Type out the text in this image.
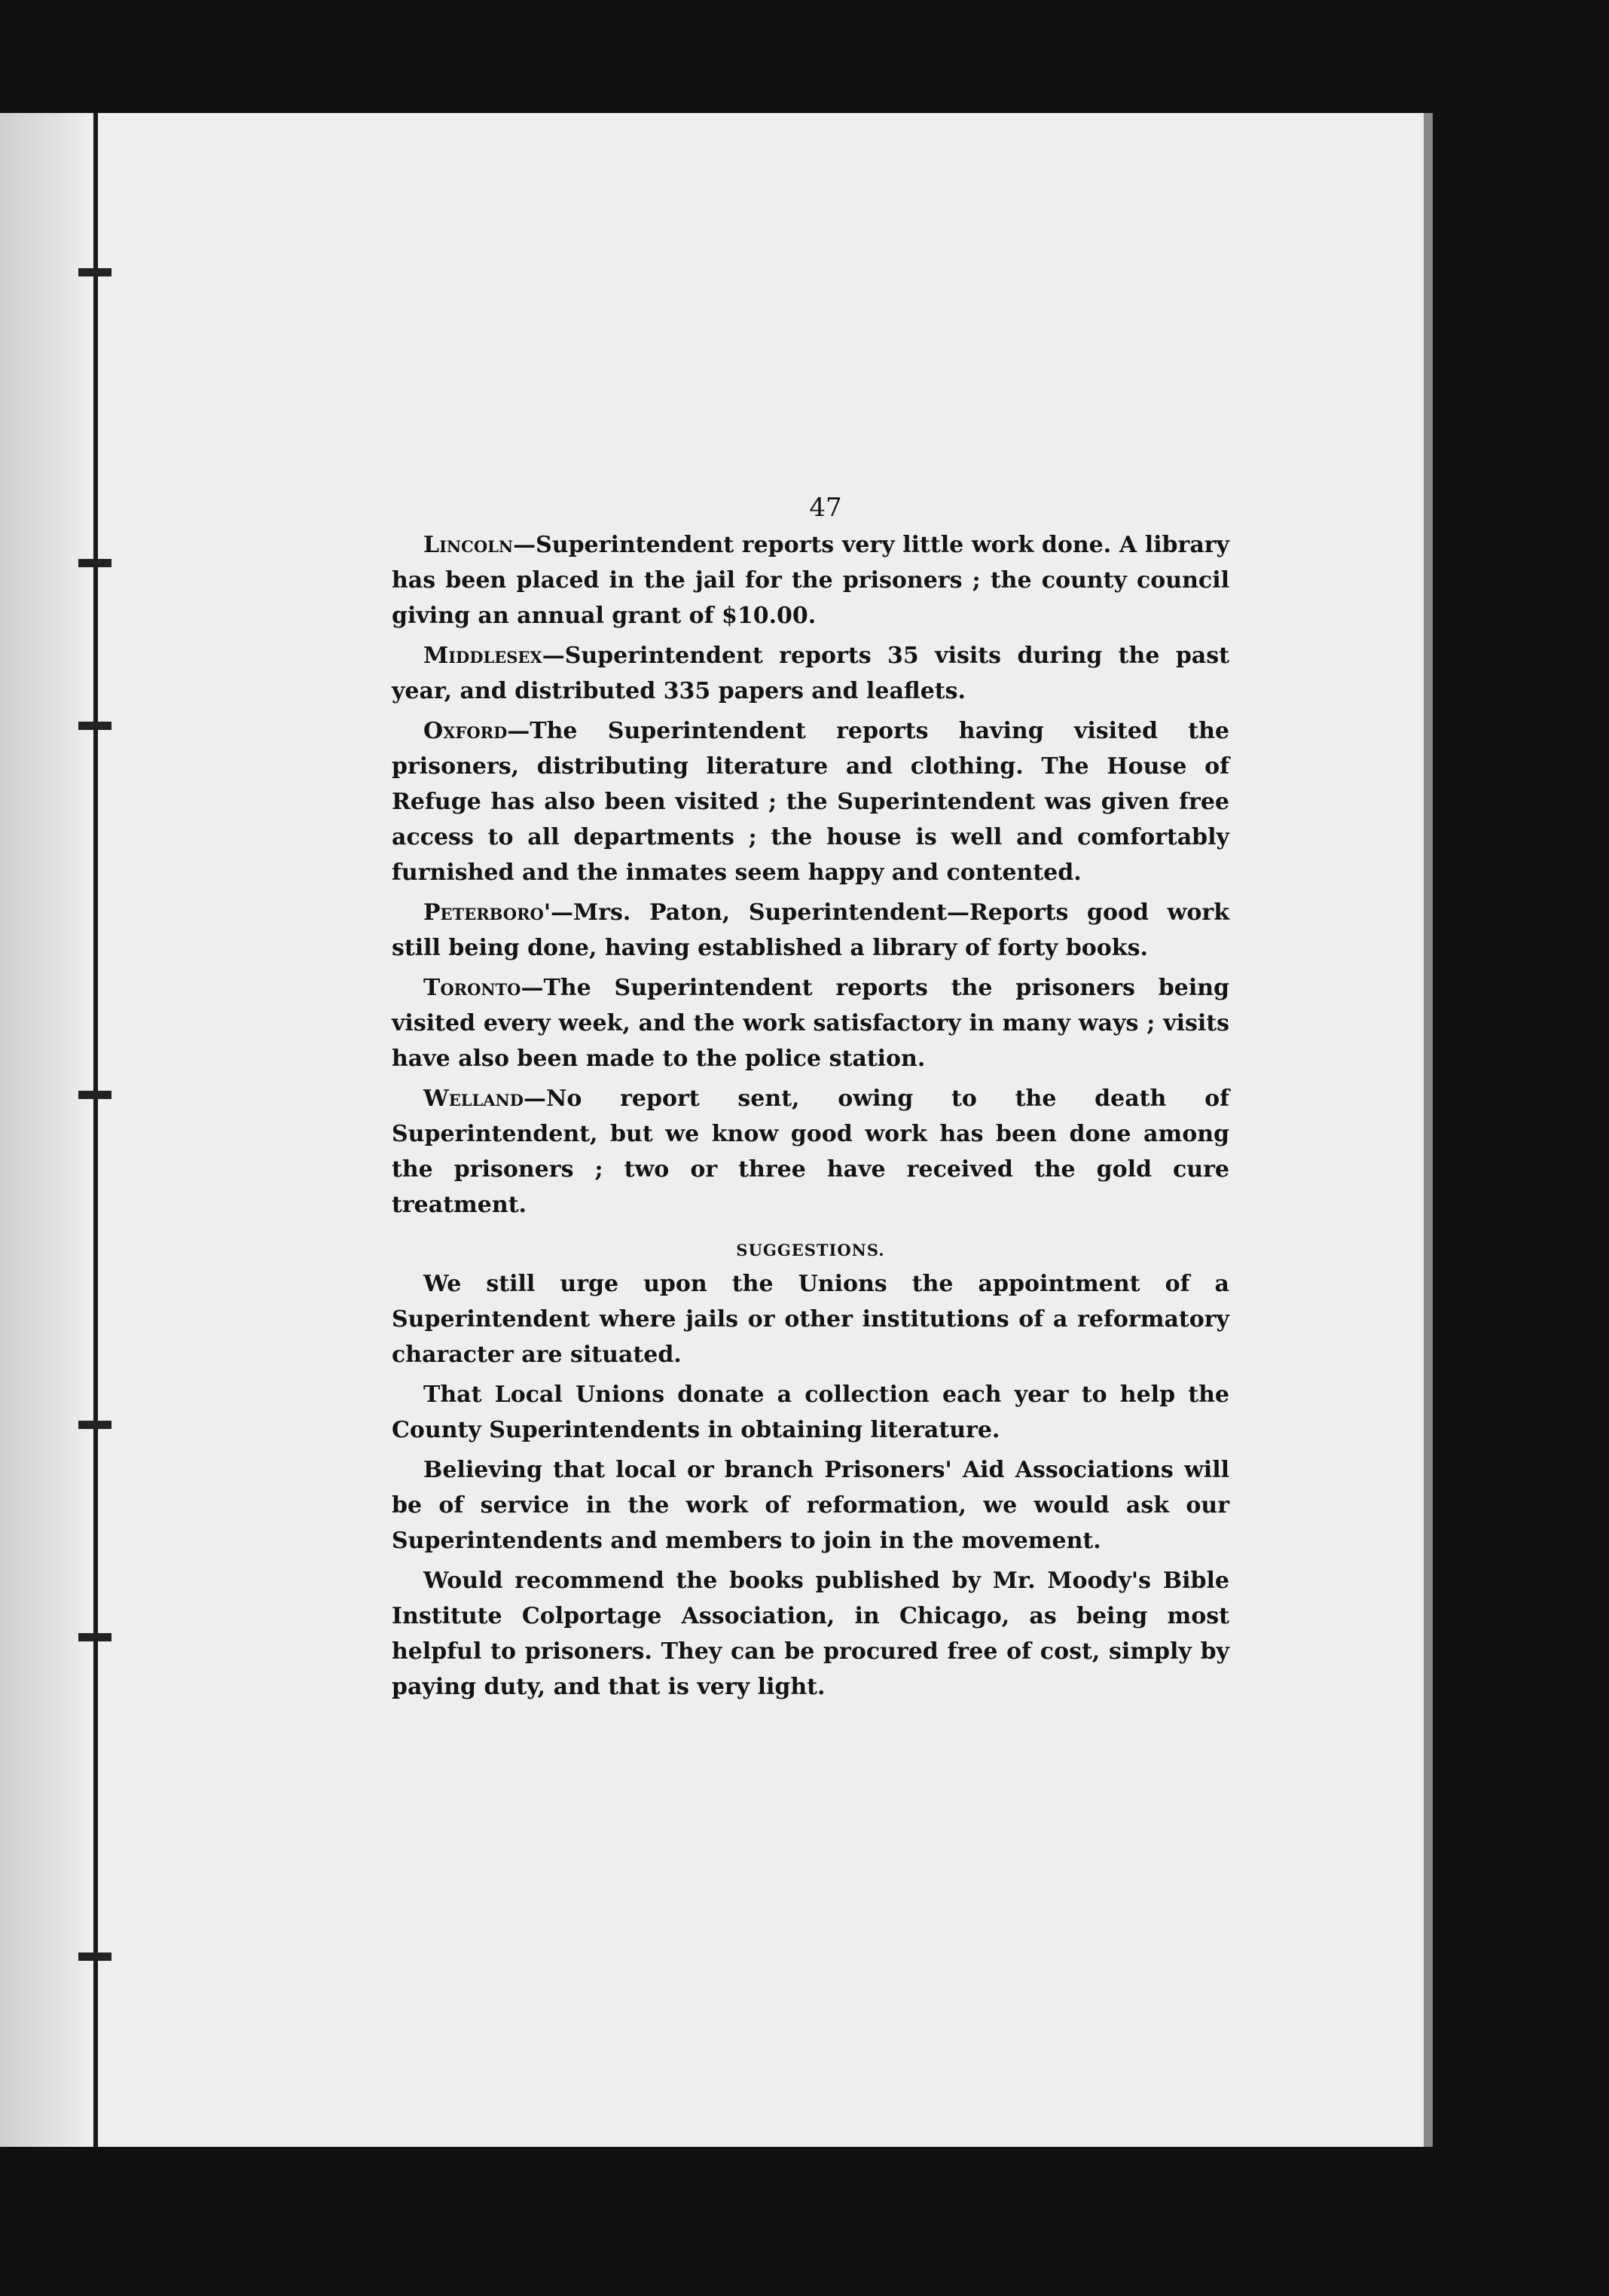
47

Lincoln—Superintendent reports very little work done. A library has been placed in the jail for the prisoners ; the county council giving an annual grant of $10.00.

Middlesex—Superintendent reports 35 visits during the past year, and distributed 335 papers and leaflets.

Oxford—The Superintendent reports having visited the prisoners, distributing literature and clothing. The House of Refuge has also been visited ; the Superintendent was given free access to all departments ; the house is well and comfortably furnished and the inmates seem happy and contented.

Peterboro'—Mrs. Paton, Superintendent—Reports good work still being done, having established a library of forty books.

Toronto—The Superintendent reports the prisoners being visited every week, and the work satisfactory in many ways ; visits have also been made to the police station.

Welland—No report sent, owing to the death of Superintendent, but we know good work has been done among the prisoners ; two or three have received the gold cure treatment.

SUGGESTIONS.

We still urge upon the Unions the appointment of a Superintendent where jails or other institutions of a reformatory character are situated.

That Local Unions donate a collection each year to help the County Superintendents in obtaining literature.

Believing that local or branch Prisoners' Aid Associations will be of service in the work of reformation, we would ask our Superintendents and members to join in the movement.

Would recommend the books published by Mr. Moody's Bible Institute Colportage Association, in Chicago, as being most helpful to prisoners. They can be procured free of cost, simply by paying duty, and that is very light.
